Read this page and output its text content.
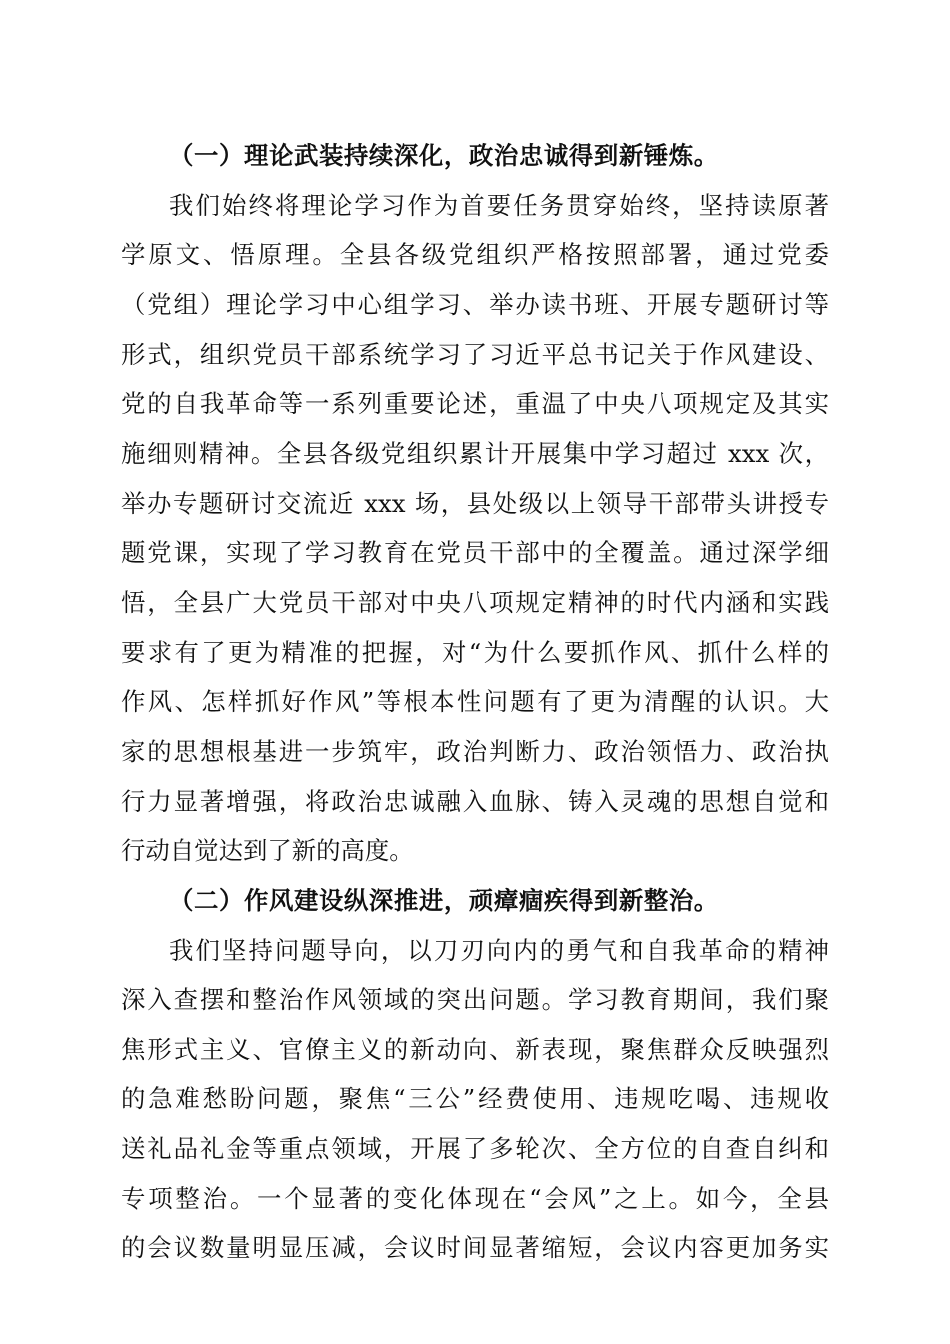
（一）理论武装持续深化，政治忠诚得到新锤炼。
我们始终将理论学习作为首要任务贯穿始终，坚持读原著
学原文、悟原理。全县各级党组织严格按照部署，通过党委
（党组）理论学习中心组学习、举办读书班、开展专题研讨等
形式，组织党员干部系统学习了习近平总书记关于作风建设、
党的自我革命等一系列重要论述，重温了中央八项规定及其实
施细则精神。全县各级党组织累计开展集中学习超过 xxx 次，
举办专题研讨交流近 xxx 场，县处级以上领导干部带头讲授专
题党课，实现了学习教育在党员干部中的全覆盖。通过深学细
悟，全县广大党员干部对中央八项规定精神的时代内涵和实践
要求有了更为精准的把握，对“为什么要抓作风、抓什么样的
作风、怎样抓好作风”等根本性问题有了更为清醒的认识。大
家的思想根基进一步筑牢，政治判断力、政治领悟力、政治执
行力显著增强，将政治忠诚融入血脉、铸入灵魂的思想自觉和
行动自觉达到了新的高度。
（二）作风建设纵深推进，顽瘴痼疾得到新整治。
我们坚持问题导向，以刀刃向内的勇气和自我革命的精神
深入查摆和整治作风领域的突出问题。学习教育期间，我们聚
焦形式主义、官僚主义的新动向、新表现，聚焦群众反映强烈
的急难愁盼问题，聚焦“三公”经费使用、违规吃喝、违规收
送礼品礼金等重点领域，开展了多轮次、全方位的自查自纠和
专项整治。一个显著的变化体现在“会风”之上。如今，全县
的会议数量明显压减，会议时间显著缩短，会议内容更加务实
